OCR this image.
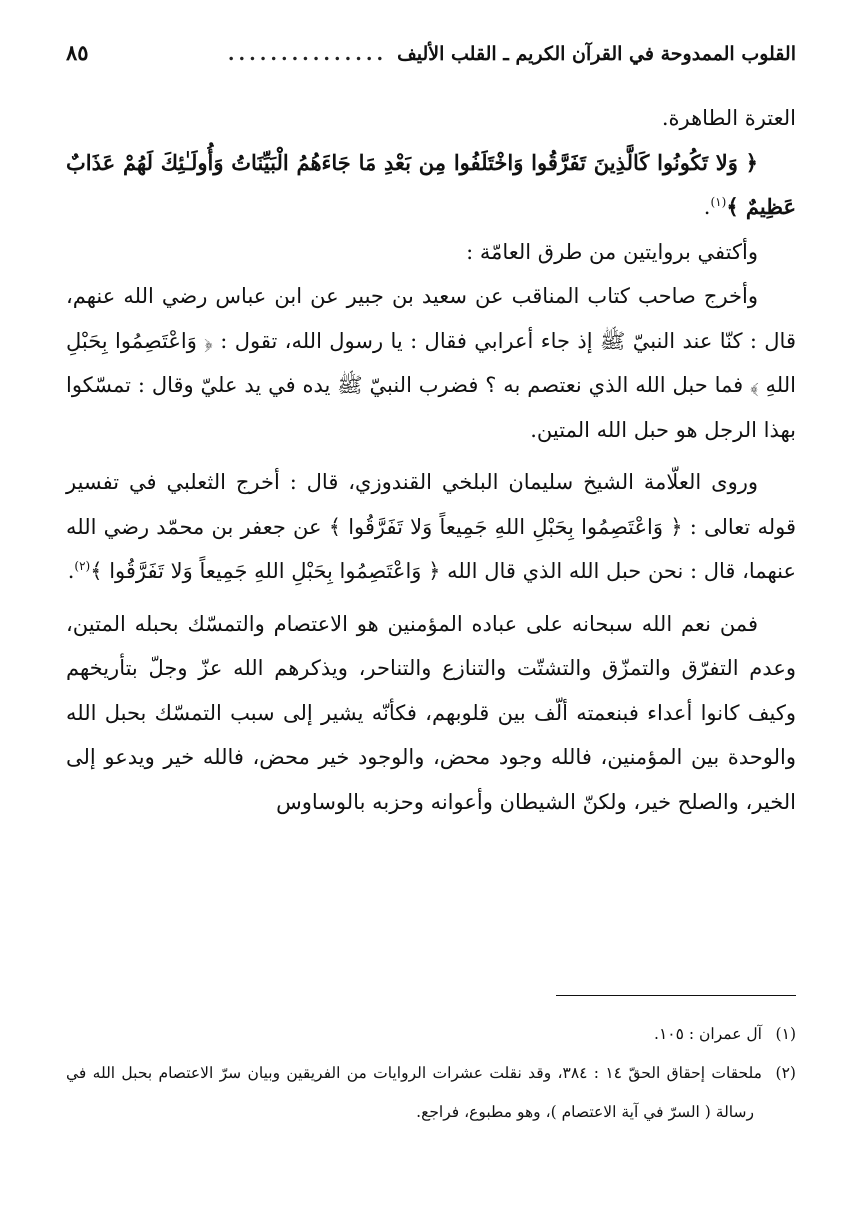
القلوب الممدوحة في القرآن الكريم ـ القلب الأليف
...............
٨٥

العترة الطاهرة.

﴿ وَلا تَكُونُوا كَالَّذِينَ تَفَرَّقُوا وَاخْتَلَفُوا مِن بَعْدِ مَا جَاءَهُمُ الْبَيِّنَاتُ وَأُولَـٰئِكَ لَهُمْ عَذَابٌ عَظِيمٌ ﴾$^{(١)}$.

وأكتفي بروايتين من طرق العامّة :

وأخرج صاحب كتاب المناقب عن سعيد بن جبير عن ابن عباس رضي الله عنهم، قال : كنّا عند النبيّ ﷺ إذ جاء أعرابي فقال : يا رسول الله، تقول : ﴿ وَاعْتَصِمُوا بِحَبْلِ اللهِ ﴾ فما حبل الله الذي نعتصم به ؟ فضرب النبيّ ﷺ يده في يد عليّ وقال : تمسّكوا بهذا الرجل هو حبل الله المتين.

وروى العلّامة الشيخ سليمان البلخي القندوزي، قال : أخرج الثعلبي في تفسير قوله تعالى : ﴿ وَاعْتَصِمُوا بِحَبْلِ اللهِ جَمِيعاً وَلا تَفَرَّقُوا ﴾ عن جعفر بن محمّد رضي الله عنهما، قال : نحن حبل الله الذي قال الله ﴿ وَاعْتَصِمُوا بِحَبْلِ اللهِ جَمِيعاً وَلا تَفَرَّقُوا ﴾$^{(٢)}$.

فمن نعم الله سبحانه على عباده المؤمنين هو الاعتصام والتمسّك بحبله المتين، وعدم التفرّق والتمزّق والتشتّت والتنازع والتناحر، ويذكرهم الله عزّ وجلّ بتأريخهم وكيف كانوا أعداء فبنعمته ألّف بين قلوبهم، فكأنّه يشير إلى سبب التمسّك بحبل الله والوحدة بين المؤمنين، فالله وجود محض، والوجود خير محض، فالله خير ويدعو إلى الخير، والصلح خير، ولكنّ الشيطان وأعوانه وحزبه بالوساوس

(١)آل عمران : ١٠٥.

(٢)ملحقات إحقاق الحقّ ١٤ : ٣٨٤، وقد نقلت عشرات الروايات من الفريقين وبيان سرّ الاعتصام بحبل الله في رسالة ( السرّ في آية الاعتصام )، وهو مطبوع، فراجع.
